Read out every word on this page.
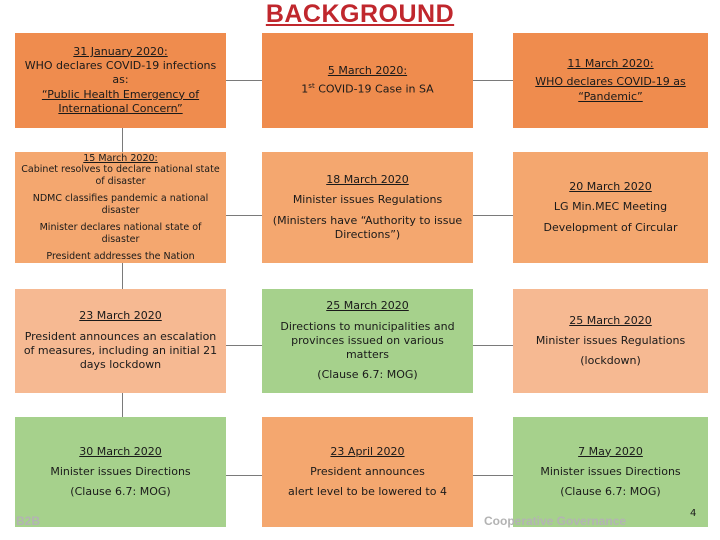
BACKGROUND
31 January 2020:
WHO declares COVID-19 infections as:
“Public Health Emergency of International Concern”
5 March 2020:
1st COVID-19 Case in SA
11 March 2020:
WHO declares COVID-19 as “Pandemic”
15 March 2020:
Cabinet resolves to declare national state of disaster
NDMC classifies pandemic a national disaster
Minister declares national state of disaster
President addresses the Nation
18 March 2020
Minister issues Regulations
(Ministers have “Authority to issue Directions”)
20 March 2020
LG Min.MEC Meeting
Development of Circular
23 March 2020
President announces an escalation of measures, including an initial 21 days lockdown
25 March 2020
Directions to municipalities and provinces issued on various matters
(Clause 6.7: MOG)
25 March 2020
Minister issues Regulations
(lockdown)
30 March 2020
Minister issues Directions
(Clause 6.7: MOG)
23 April 2020
President announces
alert level to be lowered to 4
7 May 2020
Minister issues Directions
(Clause 6.7: MOG)
B2B	Cooperative Governance
4
